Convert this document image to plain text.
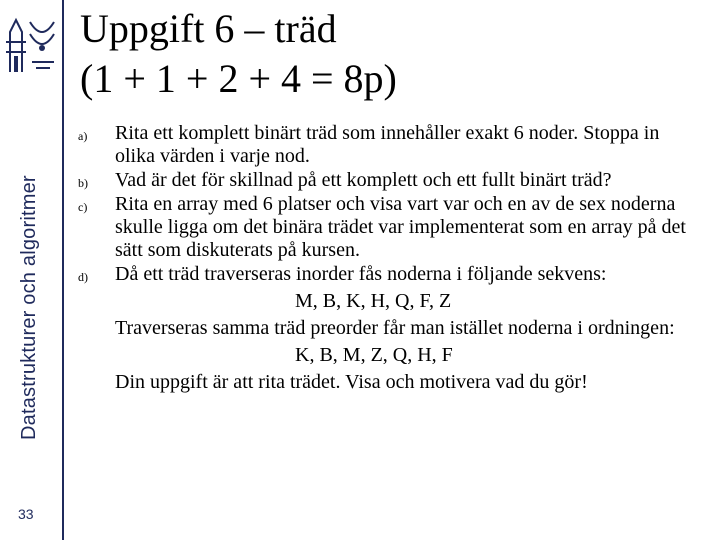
Datastrukturer och algoritmer
33
Uppgift 6 – träd
(1 + 1 + 2 + 4 = 8p)
a) Rita ett komplett binärt träd som innehåller exakt 6 noder. Stoppa in olika värden i varje nod.
b) Vad är det för skillnad på ett komplett och ett fullt binärt träd?
c) Rita en array med 6 platser och visa vart var och en av de sex noderna skulle ligga om det binära trädet var implementerat som en array på det sätt som diskuterats på kursen.
d) Då ett träd traverseras inorder fås noderna i följande sekvens:
M, B, K, H, Q, F, Z
Traverseras samma träd preorder får man istället noderna i ordningen:
K, B, M, Z, Q, H, F
Din uppgift är att rita trädet. Visa och motivera vad du gör!
